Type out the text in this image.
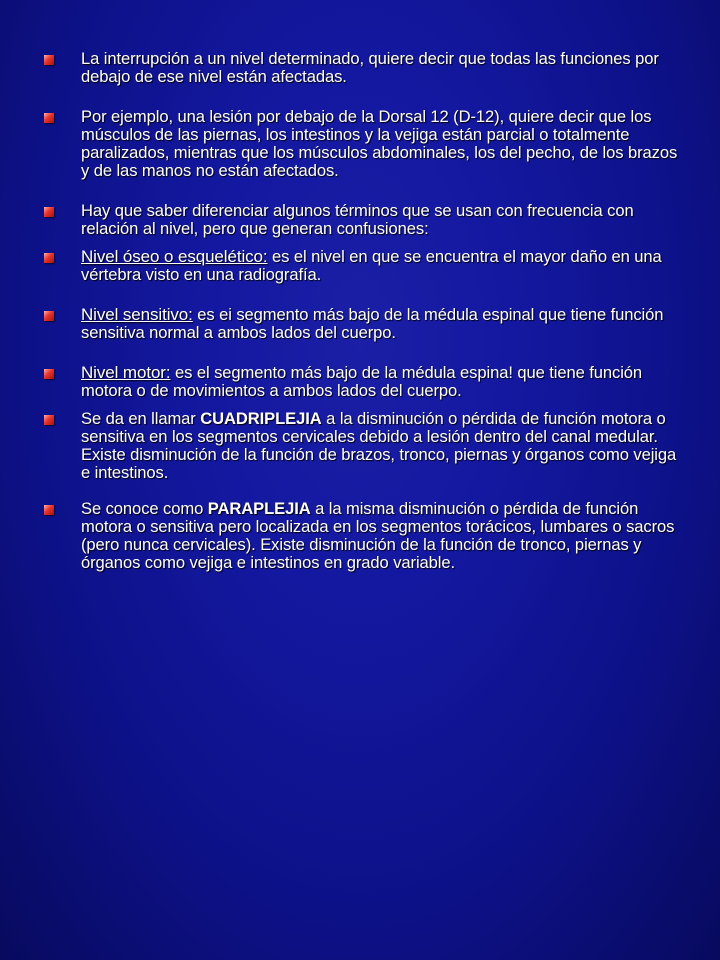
La interrupción a un nivel determinado, quiere decir que todas las funciones por debajo de ese nivel están afectadas.
Por ejemplo, una lesión por debajo de la Dorsal 12 (D-12), quiere decir que los músculos de las piernas, los intestinos y la vejiga están parcial o totalmente paralizados, mientras que los músculos abdominales, los del pecho, de los brazos y de las manos no están afectados.
Hay que saber diferenciar algunos términos que se usan con frecuencia con relación al nivel, pero que generan confusiones:
Nivel óseo o esquelético: es el nivel en que se encuentra el mayor daño en una vértebra visto en una radiografía.
Nivel sensitivo: es ei segmento más bajo de la médula espinal que tiene función sensitiva normal a ambos lados del cuerpo.
Nivel motor: es el segmento más bajo de la médula espina! que tiene función motora o de movimientos a ambos lados del cuerpo.
Se da en llamar CUADRIPLEJIA a la disminución o pérdida de función motora o sensitiva en los segmentos cervicales debido a lesión dentro del canal medular. Existe disminución de la función de brazos, tronco, piernas y órganos como vejiga e intestinos.
Se conoce como PARAPLEJIA a la misma disminución o pérdida de función motora o sensitiva pero localizada en los segmentos torácicos, lumbares o sacros (pero nunca cervicales). Existe disminución de la función de tronco, piernas y órganos como vejiga e intestinos en grado variable.
